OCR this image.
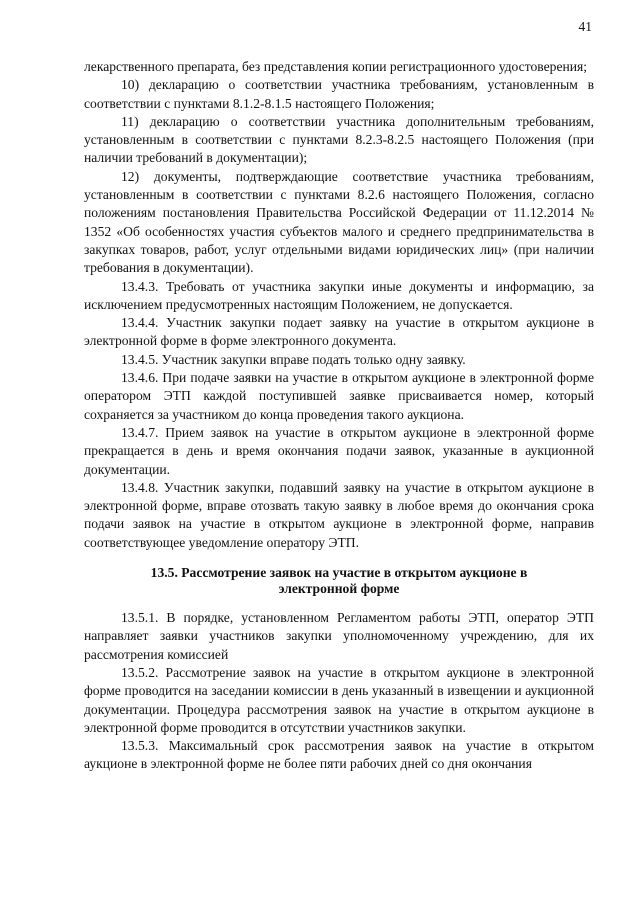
41

лекарственного препарата, без представления копии регистрационного удостоверения;

10) декларацию о соответствии участника требованиям, установленным в соответствии с пунктами 8.1.2-8.1.5 настоящего Положения;

11) декларацию о соответствии участника дополнительным требованиям, установленным в соответствии с пунктами 8.2.3-8.2.5 настоящего Положения (при наличии требований в документации);

12) документы, подтверждающие соответствие участника требованиям, установленным в соответствии с пунктами 8.2.6 настоящего Положения, согласно положениям постановления Правительства Российской Федерации от 11.12.2014 № 1352 «Об особенностях участия субъектов малого и среднего предпринимательства в закупках товаров, работ, услуг отдельными видами юридических лиц» (при наличии требования в документации).

13.4.3. Требовать от участника закупки иные документы и информацию, за исключением предусмотренных настоящим Положением, не допускается.

13.4.4. Участник закупки подает заявку на участие в открытом аукционе в электронной форме в форме электронного документа.

13.4.5. Участник закупки вправе подать только одну заявку.

13.4.6. При подаче заявки на участие в открытом аукционе в электронной форме оператором ЭТП каждой поступившей заявке присваивается номер, который сохраняется за участником до конца проведения такого аукциона.

13.4.7. Прием заявок на участие в открытом аукционе в электронной форме прекращается в день и время окончания подачи заявок, указанные в аукционной документации.

13.4.8. Участник закупки, подавший заявку на участие в открытом аукционе в электронной форме, вправе отозвать такую заявку в любое время до окончания срока подачи заявок на участие в открытом аукционе в электронной форме, направив соответствующее уведомление оператору ЭТП.

13.5. Рассмотрение заявок на участие в открытом аукционе в электронной форме

13.5.1. В порядке, установленном Регламентом работы ЭТП, оператор ЭТП направляет заявки участников закупки уполномоченному учреждению, для их рассмотрения комиссией

13.5.2. Рассмотрение заявок на участие в открытом аукционе в электронной форме проводится на заседании комиссии в день указанный в извещении и аукционной документации. Процедура рассмотрения заявок на участие в открытом аукционе в электронной форме проводится в отсутствии участников закупки.

13.5.3. Максимальный срок рассмотрения заявок на участие в открытом аукционе в электронной форме не более пяти рабочих дней со дня окончания
